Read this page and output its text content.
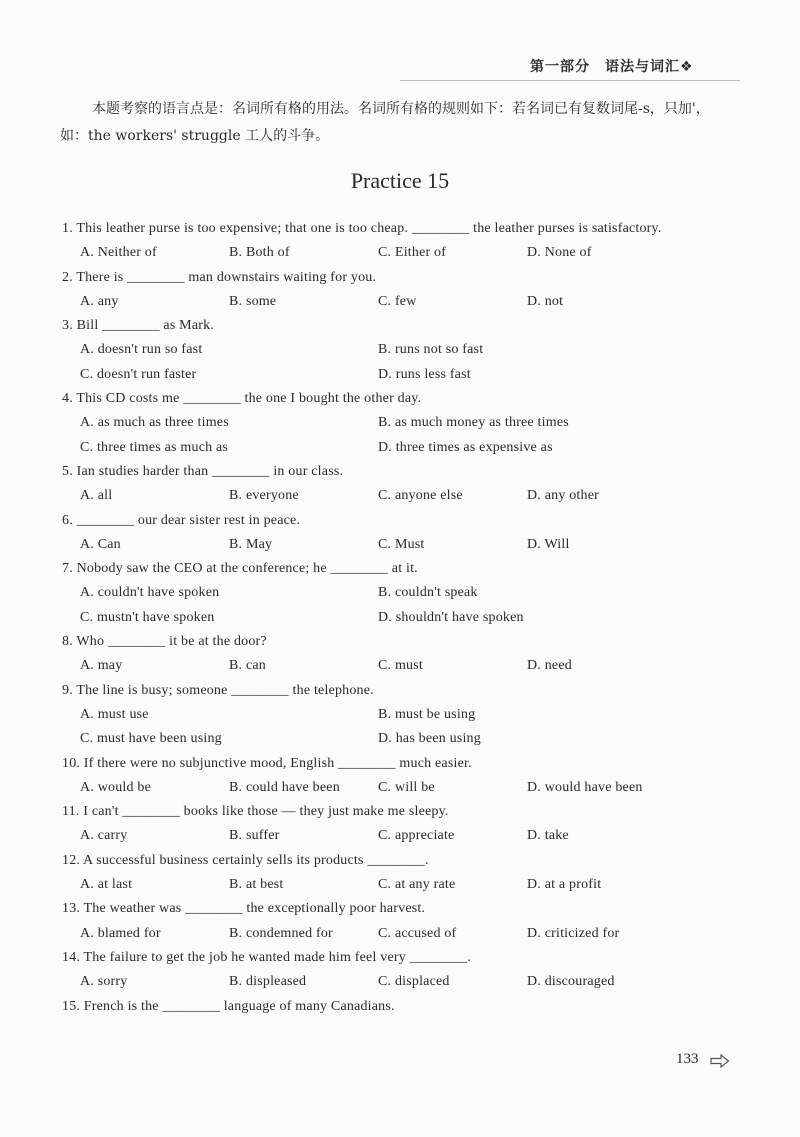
第一部分　语法与词汇❖
本题考察的语言点是：名词所有格的用法。名词所有格的规则如下：若名词已有复数词尾-s，只加'，如：the workers' struggle 工人的斗争。
Practice 15
1. This leather purse is too expensive; that one is too cheap. ________ the leather purses is satisfactory.
A. Neither of	B. Both of	C. Either of	D. None of
2. There is ________ man downstairs waiting for you.
A. any	B. some	C. few	D. not
3. Bill ________ as Mark.
A. doesn't run so fast	B. runs not so fast
C. doesn't run faster	D. runs less fast
4. This CD costs me ________ the one I bought the other day.
A. as much as three times	B. as much money as three times
C. three times as much as	D. three times as expensive as
5. Ian studies harder than ________ in our class.
A. all	B. everyone	C. anyone else	D. any other
6. ________ our dear sister rest in peace.
A. Can	B. May	C. Must	D. Will
7. Nobody saw the CEO at the conference; he ________ at it.
A. couldn't have spoken	B. couldn't speak
C. mustn't have spoken	D. shouldn't have spoken
8. Who ________ it be at the door?
A. may	B. can	C. must	D. need
9. The line is busy; someone ________ the telephone.
A. must use	B. must be using
C. must have been using	D. has been using
10. If there were no subjunctive mood, English ________ much easier.
A. would be	B. could have been	C. will be	D. would have been
11. I can't ________ books like those — they just make me sleepy.
A. carry	B. suffer	C. appreciate	D. take
12. A successful business certainly sells its products ________.
A. at last	B. at best	C. at any rate	D. at a profit
13. The weather was ________ the exceptionally poor harvest.
A. blamed for	B. condemned for	C. accused of	D. criticized for
14. The failure to get the job he wanted made him feel very ________.
A. sorry	B. displeased	C. displaced	D. discouraged
15. French is the ________ language of many Canadians.
133
